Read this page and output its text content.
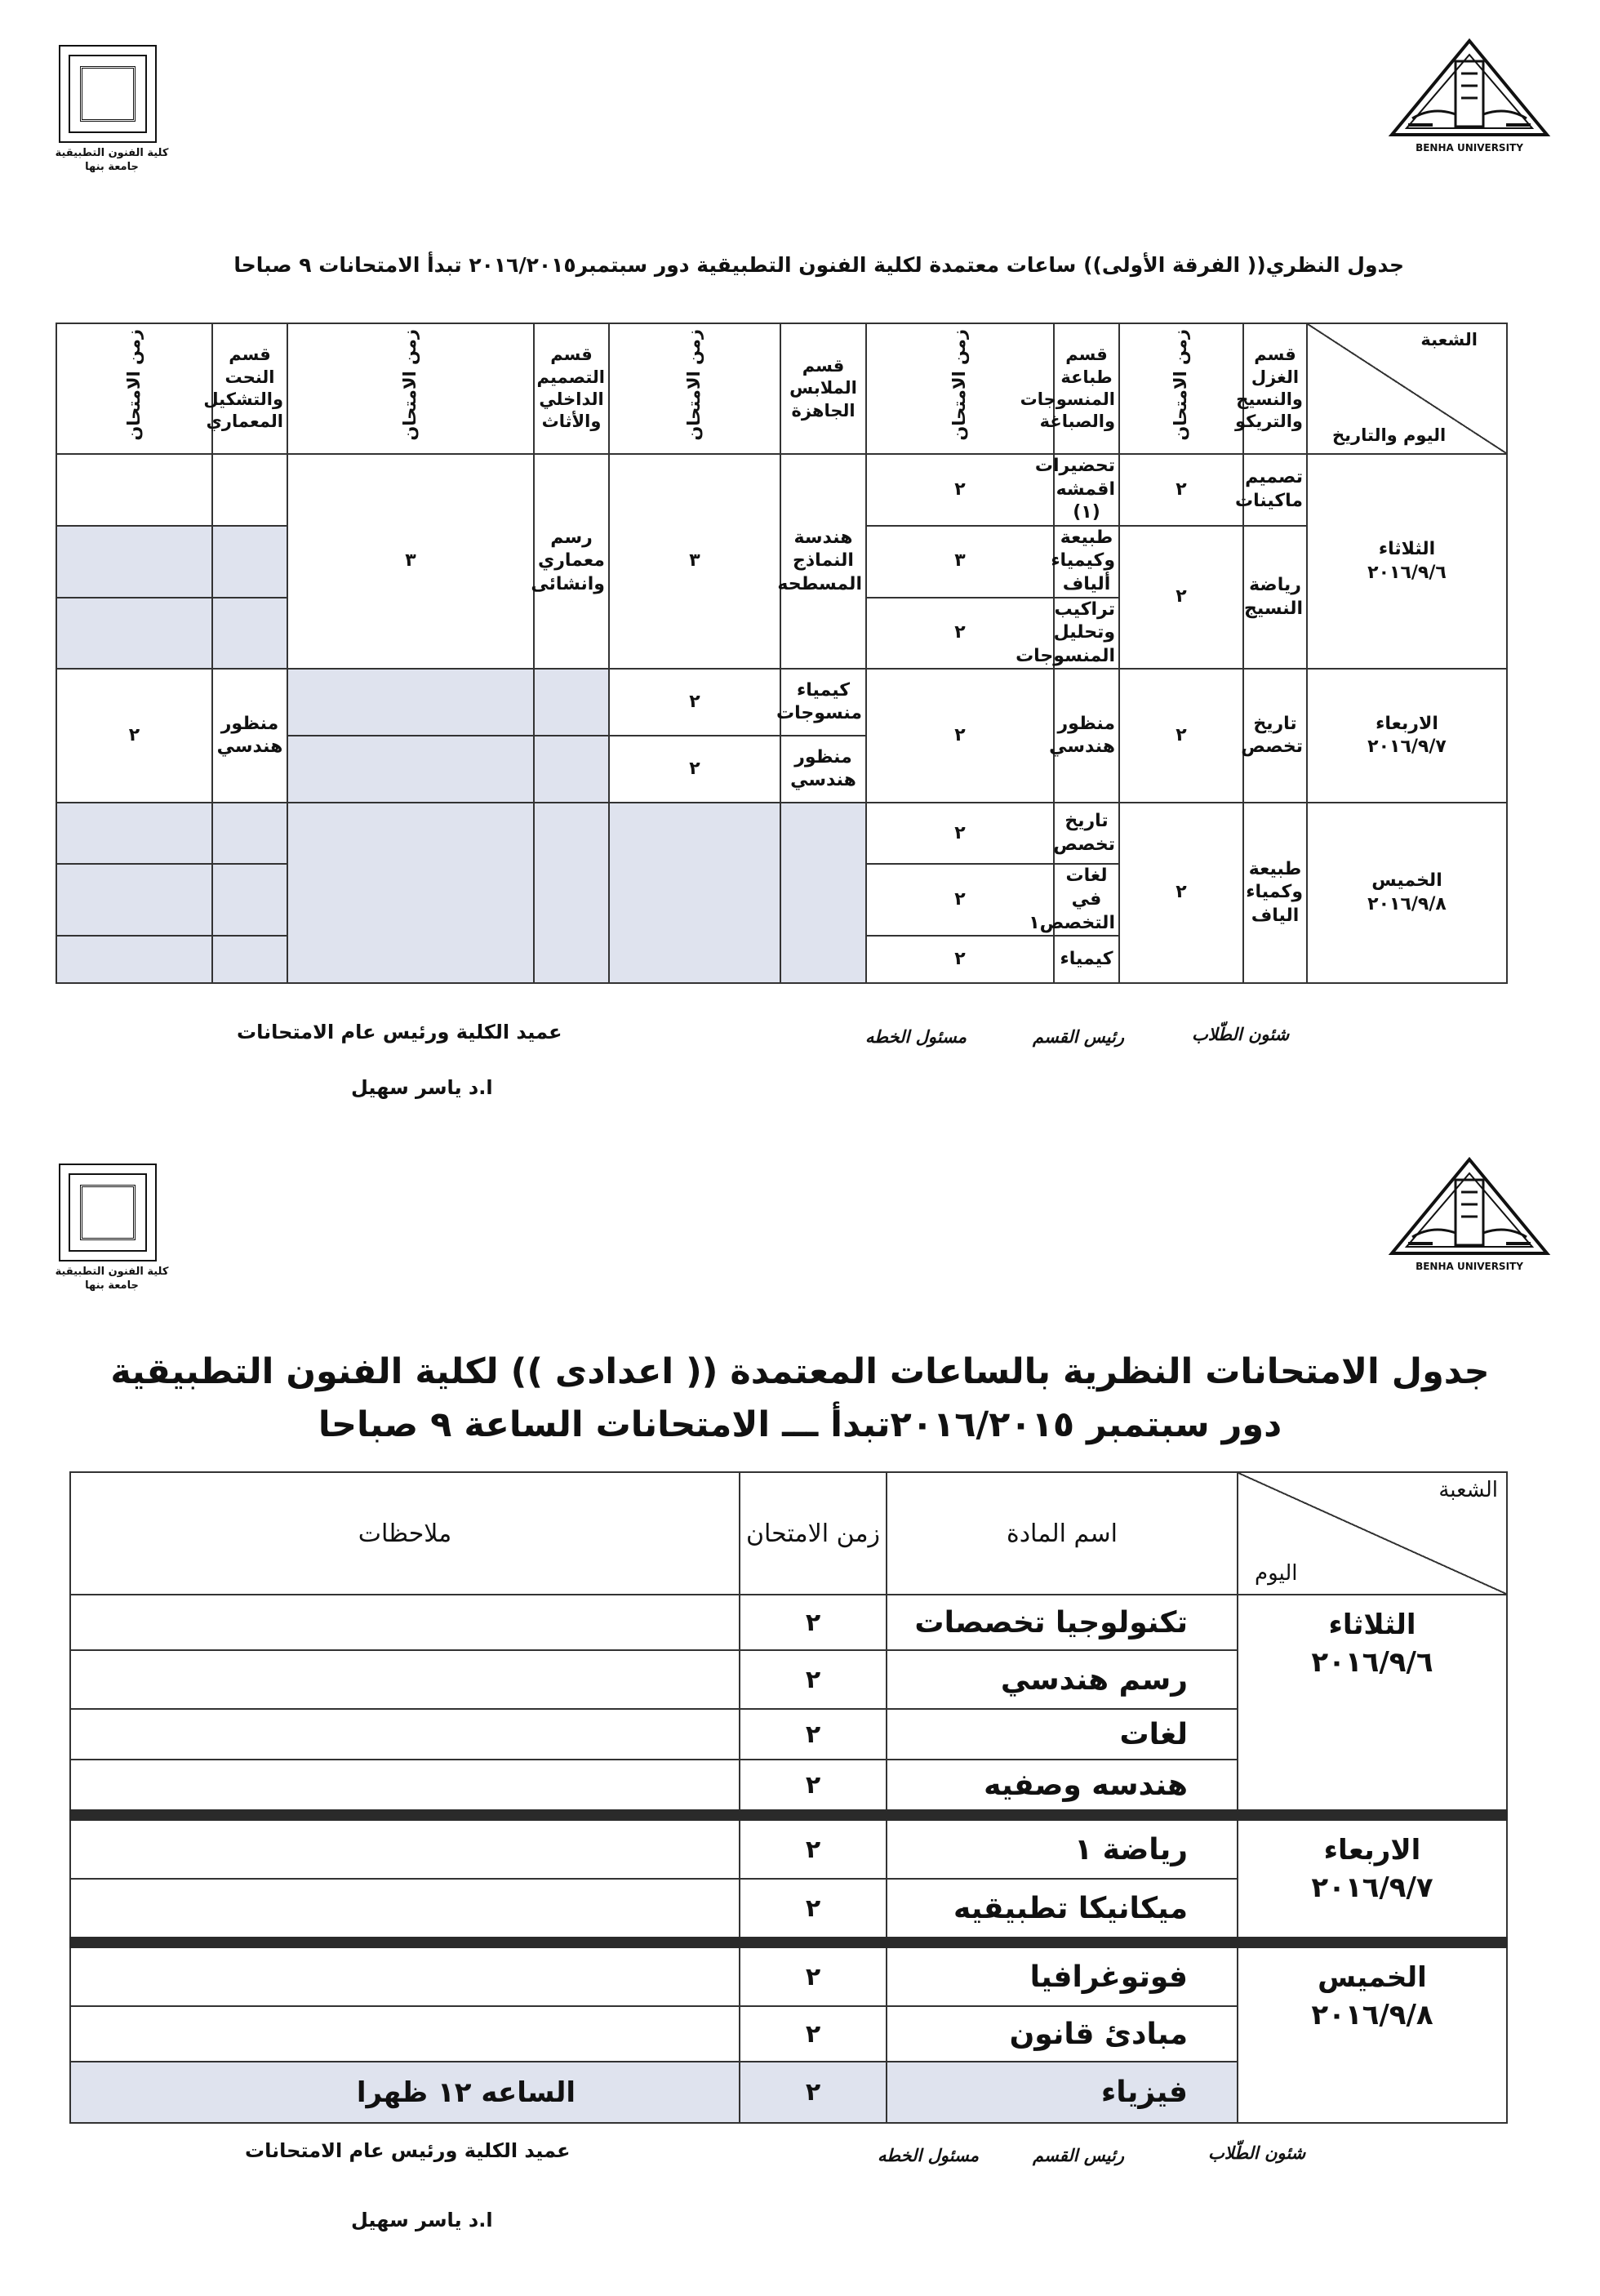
كلية الفنون التطبيقية
جامعة بنها
BENHA UNIVERSITY
جدول النظري(( الفرقة الأولى)) ساعات معتمدة لكلية الفنون التطبيقية دور سبتمبر٢٠١٦/٢٠١٥ تبدأ الامتحانات ٩ صباحا
الشعبة
اليوم والتاريخ	قسم الغزل والنسيج والتريكو	زمن الامتحان	قسم طباعة المنسوجات والصباغة	زمن الامتحان	قسم الملابس الجاهزة	زمن الامتحان	قسم التصميم الداخلي والأثاث	زمن الامتحان	قسم النحت والتشكيل المعماري	زمن الامتحان

الثلاثاء
٢٠١٦/٩/٦	تصميم ماكينات	٢	تحضيرات اقمشه (١)	٢	هندسة النماذج المسطحه	٣	رسم معماري وانشائى	٣		
	رياضة النسيج	٢	طبيعة وكيمياء ألياف	٣						
			تراكيب وتحليل المنسوجات	٢						

الاربعاء
٢٠١٦/٩/٧	تاريخ تخصص	٢	منظور هندسي	٢	كيمياء منسوجات	٢			منظور هندسي	٢
					منظور هندسي	٢				

الخميس
٢٠١٦/٩/٨	طبيعة وكمياء الياف	٢	تاريخ تخصص	٢						
			لغات في التخصص١	٢						
			كيمياء	٢						
عميد الكلية ورئيس عام الامتحانات
ا.د ياسر سهيل
شئون الطّلاب
رئيس القسم
مسئول الخطه
كلية الفنون التطبيقية
جامعة بنها
BENHA UNIVERSITY
جدول الامتحانات النظرية بالساعات المعتمدة (( اعدادى )) لكلية الفنون التطبيقية
دور سبتمبر ٢٠١٦/٢٠١٥تبدأ ـــ الامتحانات الساعة ٩ صباحا
الشعبة
اليوم	اسم المادة	زمن الامتحان	ملاحظات

الثلاثاء
٢٠١٦/٩/٦	تكنولوجيا تخصصات	٢	
	رسم هندسي	٢	
	لغات	٢	
	هندسه وصفيه	٢	

الاربعاء
٢٠١٦/٩/٧	رياضة ١	٢	
	ميكانيكا تطبيقيه	٢	

الخميس
٢٠١٦/٩/٨	فوتوغرافيا	٢	
	مبادئ قانون	٢	
	فيزياء	٢	الساعه ١٢ ظهرا
عميد الكلية ورئيس عام الامتحانات
ا.د ياسر سهيل
شئون الطّلاب
رئيس القسم
مسئول الخطه
